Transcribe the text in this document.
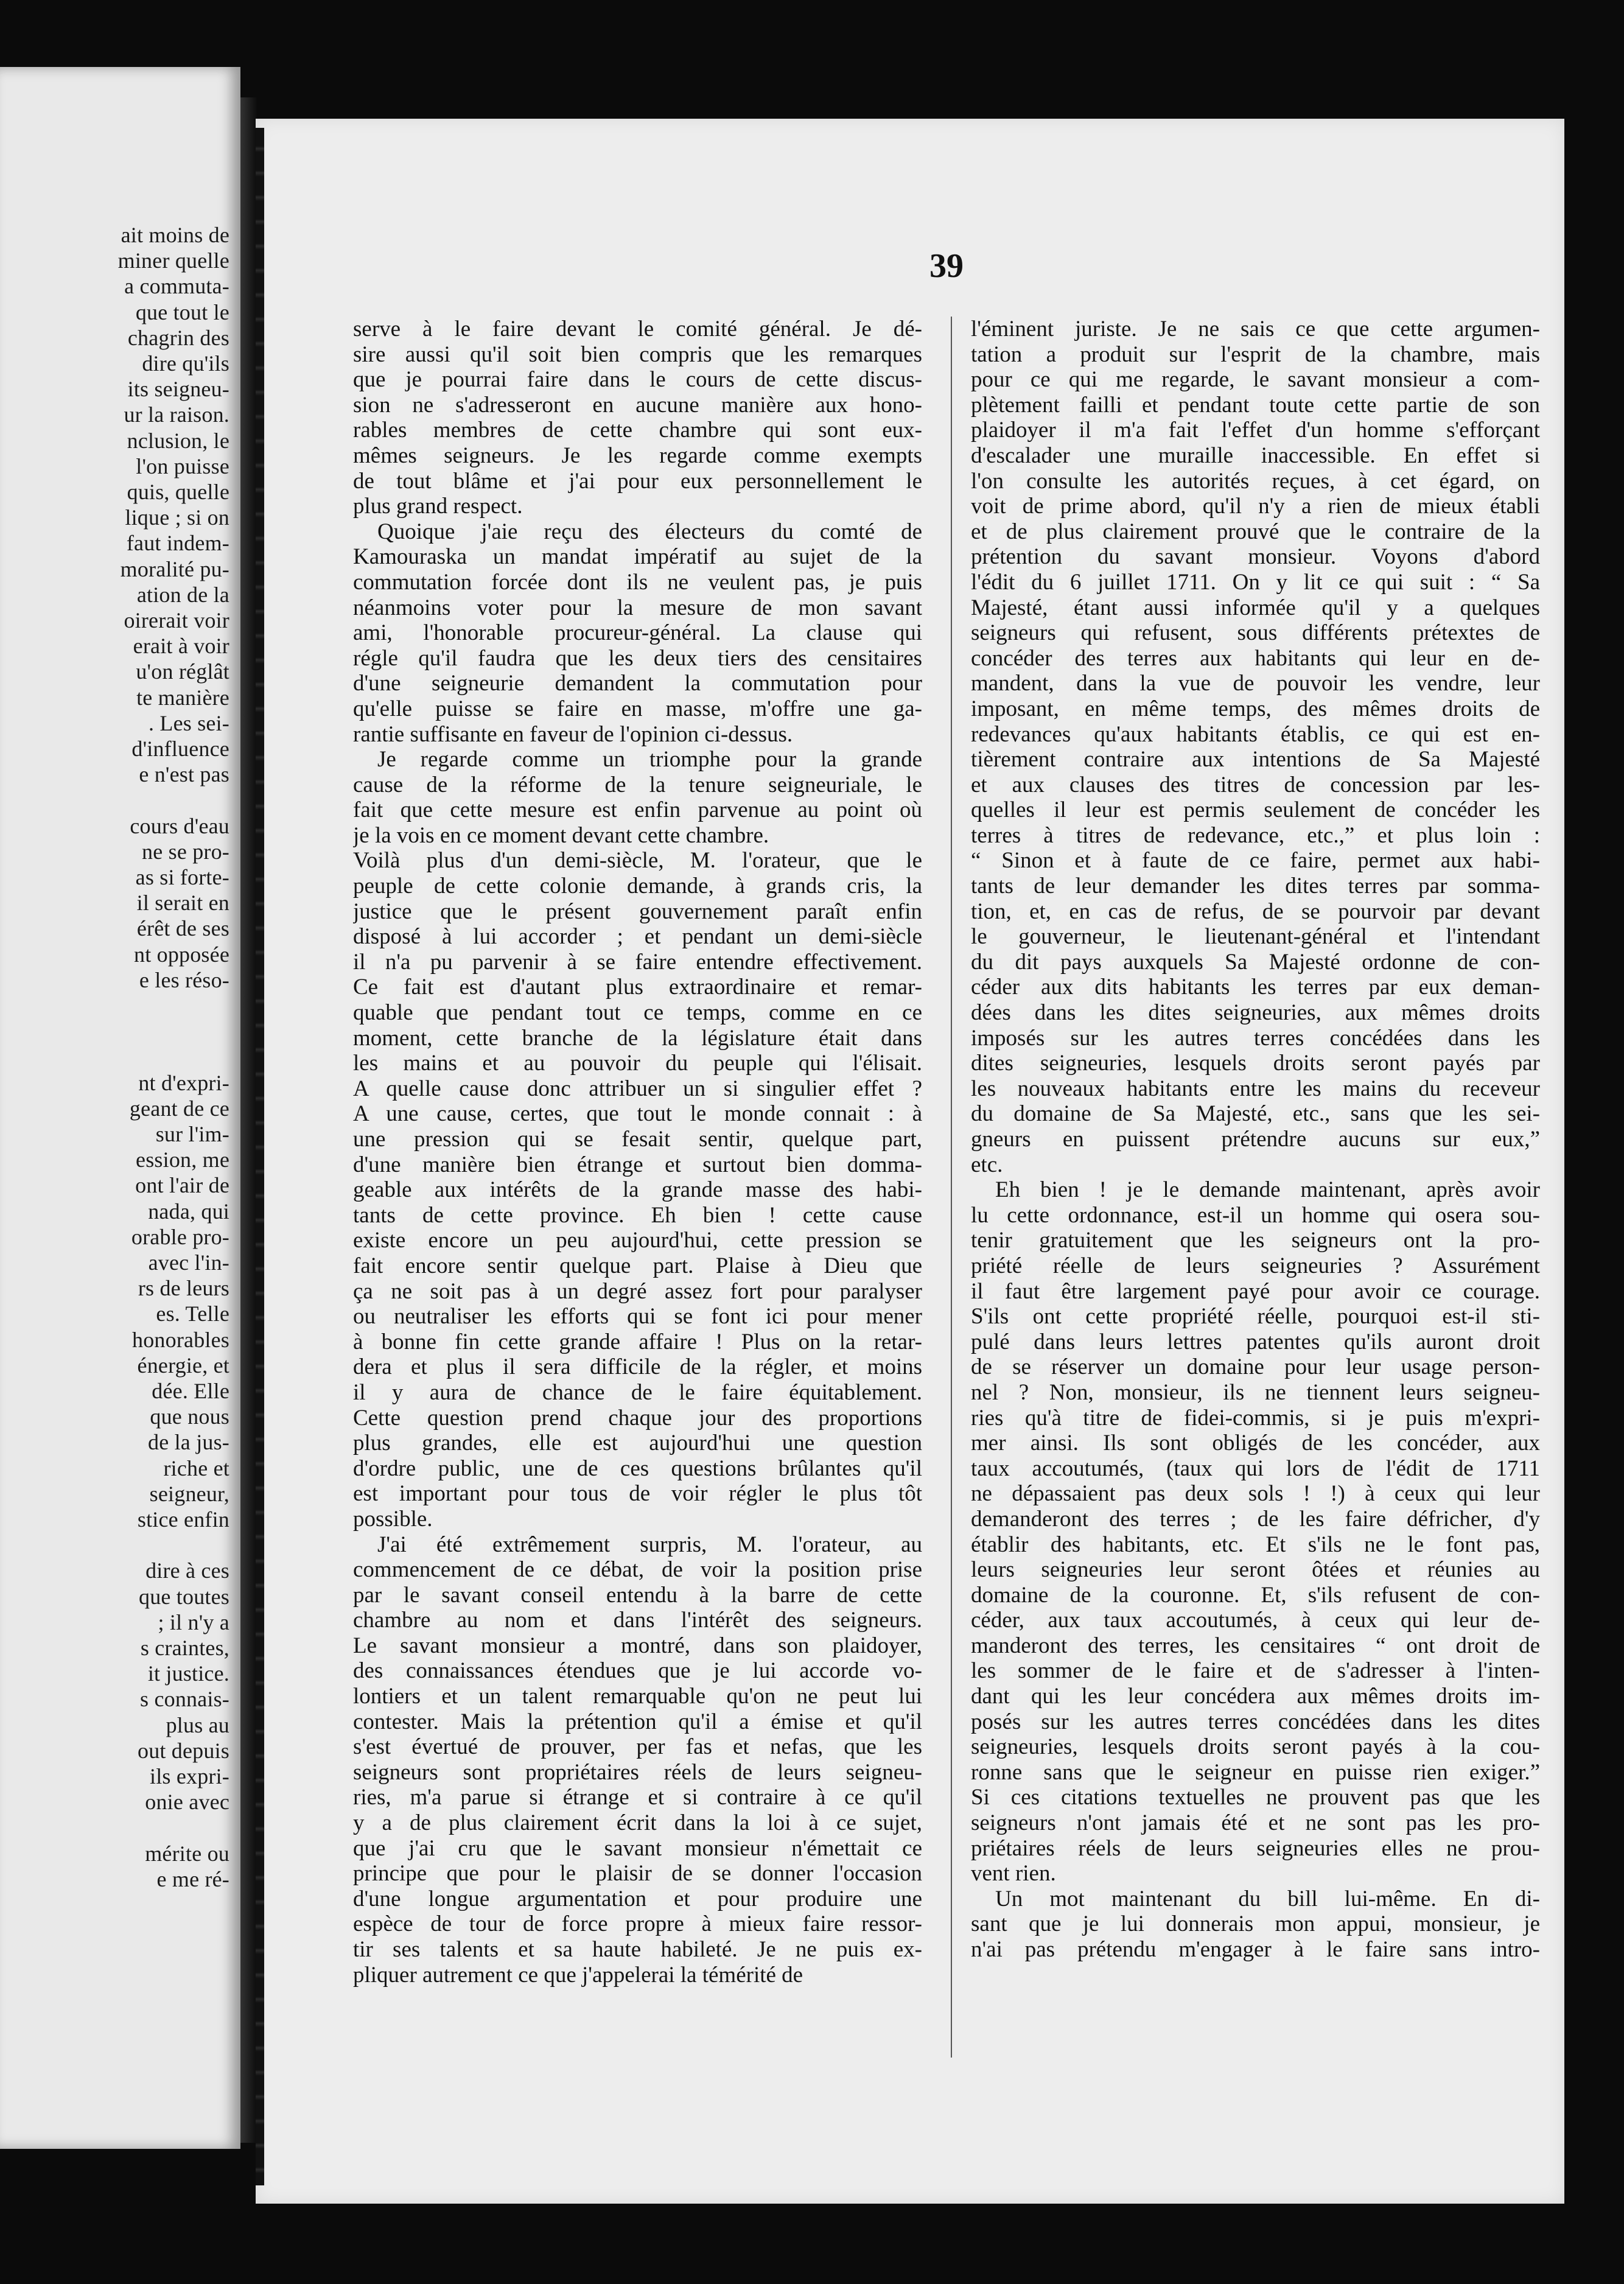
ait moins de
miner quelle
a commuta-
que tout le
chagrin des
dire qu'ils
its seigneu-
ur la raison.
nclusion, le
l'on puisse
quis, quelle
lique ; si on
faut indem-
moralité pu-
ation de la
oirerait voir
erait à voir
u'on réglât
te manière
. Les sei-
d'influence
e n'est pas
cours d'eau
ne se pro-
as si forte-
il serait en
érêt de ses
nt opposée
e les réso-
nt d'expri-
geant de ce
sur l'im-
ession, me
ont l'air de
nada, qui
orable pro-
avec l'in-
rs de leurs
es. Telle
honorables
énergie, et
dée. Elle
que nous
de la jus-
riche et
seigneur,
stice enfin
dire à ces
que toutes
; il n'y a
s craintes,
it justice.
s connais-
plus au
out depuis
ils expri-
onie avec
mérite ou
e me ré-
39
serve à le faire devant le comité général. Je dé-
sire aussi qu'il soit bien compris que les remarques
que je pourrai faire dans le cours de cette discus-
sion ne s'adresseront en aucune manière aux hono-
rables membres de cette chambre qui sont eux-
mêmes seigneurs. Je les regarde comme exempts
de tout blâme et j'ai pour eux personnellement le
plus grand respect.
Quoique j'aie reçu des électeurs du comté de
Kamouraska un mandat impératif au sujet de la
commutation forcée dont ils ne veulent pas, je puis
néanmoins voter pour la mesure de mon savant
ami, l'honorable procureur-général. La clause qui
régle qu'il faudra que les deux tiers des censitaires
d'une seigneurie demandent la commutation pour
qu'elle puisse se faire en masse, m'offre une ga-
rantie suffisante en faveur de l'opinion ci-dessus.
Je regarde comme un triomphe pour la grande
cause de la réforme de la tenure seigneuriale, le
fait que cette mesure est enfin parvenue au point où
je la vois en ce moment devant cette chambre.
Voilà plus d'un demi-siècle, M. l'orateur, que le
peuple de cette colonie demande, à grands cris, la
justice que le présent gouvernement paraît enfin
disposé à lui accorder ; et pendant un demi-siècle
il n'a pu parvenir à se faire entendre effectivement.
Ce fait est d'autant plus extraordinaire et remar-
quable que pendant tout ce temps, comme en ce
moment, cette branche de la législature était dans
les mains et au pouvoir du peuple qui l'élisait.
A quelle cause donc attribuer un si singulier effet ?
A une cause, certes, que tout le monde connait : à
une pression qui se fesait sentir, quelque part,
d'une manière bien étrange et surtout bien domma-
geable aux intérêts de la grande masse des habi-
tants de cette province. Eh bien ! cette cause
existe encore un peu aujourd'hui, cette pression se
fait encore sentir quelque part. Plaise à Dieu que
ça ne soit pas à un degré assez fort pour paralyser
ou neutraliser les efforts qui se font ici pour mener
à bonne fin cette grande affaire ! Plus on la retar-
dera et plus il sera difficile de la régler, et moins
il y aura de chance de le faire équitablement.
Cette question prend chaque jour des proportions
plus grandes, elle est aujourd'hui une question
d'ordre public, une de ces questions brûlantes qu'il
est important pour tous de voir régler le plus tôt
possible.
J'ai été extrêmement surpris, M. l'orateur, au
commencement de ce débat, de voir la position prise
par le savant conseil entendu à la barre de cette
chambre au nom et dans l'intérêt des seigneurs.
Le savant monsieur a montré, dans son plaidoyer,
des connaissances étendues que je lui accorde vo-
lontiers et un talent remarquable qu'on ne peut lui
contester. Mais la prétention qu'il a émise et qu'il
s'est évertué de prouver, per fas et nefas, que les
seigneurs sont propriétaires réels de leurs seigneu-
ries, m'a parue si étrange et si contraire à ce qu'il
y a de plus clairement écrit dans la loi à ce sujet,
que j'ai cru que le savant monsieur n'émettait ce
principe que pour le plaisir de se donner l'occasion
d'une longue argumentation et pour produire une
espèce de tour de force propre à mieux faire ressor-
tir ses talents et sa haute habileté. Je ne puis ex-
pliquer autrement ce que j'appelerai la témérité de
l'éminent juriste. Je ne sais ce que cette argumen-
tation a produit sur l'esprit de la chambre, mais
pour ce qui me regarde, le savant monsieur a com-
plètement failli et pendant toute cette partie de son
plaidoyer il m'a fait l'effet d'un homme s'efforçant
d'escalader une muraille inaccessible. En effet si
l'on consulte les autorités reçues, à cet égard, on
voit de prime abord, qu'il n'y a rien de mieux établi
et de plus clairement prouvé que le contraire de la
prétention du savant monsieur. Voyons d'abord
l'édit du 6 juillet 1711. On y lit ce qui suit : “ Sa
Majesté, étant aussi informée qu'il y a quelques
seigneurs qui refusent, sous différents prétextes de
concéder des terres aux habitants qui leur en de-
mandent, dans la vue de pouvoir les vendre, leur
imposant, en même temps, des mêmes droits de
redevances qu'aux habitants établis, ce qui est en-
tièrement contraire aux intentions de Sa Majesté
et aux clauses des titres de concession par les-
quelles il leur est permis seulement de concéder les
terres à titres de redevance, etc.,” et plus loin :
“ Sinon et à faute de ce faire, permet aux habi-
tants de leur demander les dites terres par somma-
tion, et, en cas de refus, de se pourvoir par devant
le gouverneur, le lieutenant-général et l'intendant
du dit pays auxquels Sa Majesté ordonne de con-
céder aux dits habitants les terres par eux deman-
dées dans les dites seigneuries, aux mêmes droits
imposés sur les autres terres concédées dans les
dites seigneuries, lesquels droits seront payés par
les nouveaux habitants entre les mains du receveur
du domaine de Sa Majesté, etc., sans que les sei-
gneurs en puissent prétendre aucuns sur eux,”
etc.
Eh bien ! je le demande maintenant, après avoir
lu cette ordonnance, est-il un homme qui osera sou-
tenir gratuitement que les seigneurs ont la pro-
priété réelle de leurs seigneuries ? Assurément
il faut être largement payé pour avoir ce courage.
S'ils ont cette propriété réelle, pourquoi est-il sti-
pulé dans leurs lettres patentes qu'ils auront droit
de se réserver un domaine pour leur usage person-
nel ? Non, monsieur, ils ne tiennent leurs seigneu-
ries qu'à titre de fidei-commis, si je puis m'expri-
mer ainsi. Ils sont obligés de les concéder, aux
taux accoutumés, (taux qui lors de l'édit de 1711
ne dépassaient pas deux sols ! !) à ceux qui leur
demanderont des terres ; de les faire défricher, d'y
établir des habitants, etc. Et s'ils ne le font pas,
leurs seigneuries leur seront ôtées et réunies au
domaine de la couronne. Et, s'ils refusent de con-
céder, aux taux accoutumés, à ceux qui leur de-
manderont des terres, les censitaires “ ont droit de
les sommer de le faire et de s'adresser à l'inten-
dant qui les leur concédera aux mêmes droits im-
posés sur les autres terres concédées dans les dites
seigneuries, lesquels droits seront payés à la cou-
ronne sans que le seigneur en puisse rien exiger.”
Si ces citations textuelles ne prouvent pas que les
seigneurs n'ont jamais été et ne sont pas les pro-
priétaires réels de leurs seigneuries elles ne prou-
vent rien.
Un mot maintenant du bill lui-même. En di-
sant que je lui donnerais mon appui, monsieur, je
n'ai pas prétendu m'engager à le faire sans intro-
